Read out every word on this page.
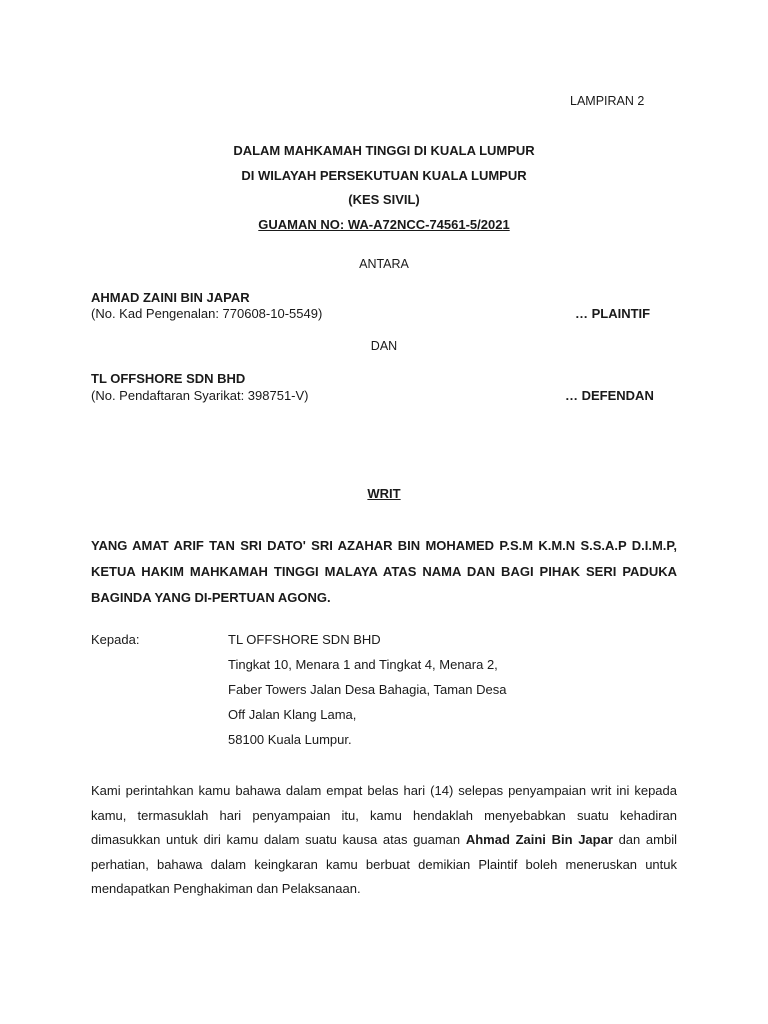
LAMPIRAN 2
DALAM MAHKAMAH TINGGI DI KUALA LUMPUR
DI WILAYAH PERSEKUTUAN KUALA LUMPUR
(KES SIVIL)
GUAMAN NO: WA-A72NCC-74561-5/2021
ANTARA
AHMAD ZAINI BIN JAPAR
(No. Kad Pengenalan: 770608-10-5549)	… PLAINTIF
DAN
TL OFFSHORE SDN BHD
(No. Pendaftaran Syarikat: 398751-V)	… DEFENDAN
WRIT
YANG AMAT ARIF TAN SRI DATO' SRI AZAHAR BIN MOHAMED P.S.M K.M.N S.S.A.P D.I.M.P, KETUA HAKIM MAHKAMAH TINGGI MALAYA ATAS NAMA DAN BAGI PIHAK SERI PADUKA BAGINDA YANG DI-PERTUAN AGONG.
Kepada:	TL OFFSHORE SDN BHD
Tingkat 10, Menara 1 and Tingkat 4, Menara 2,
Faber Towers Jalan Desa Bahagia, Taman Desa
Off Jalan Klang Lama,
58100 Kuala Lumpur.
Kami perintahkan kamu bahawa dalam empat belas hari (14) selepas penyampaian writ ini kepada kamu, termasuklah hari penyampaian itu, kamu hendaklah menyebabkan suatu kehadiran dimasukkan untuk diri kamu dalam suatu kausa atas guaman Ahmad Zaini Bin Japar dan ambil perhatian, bahawa dalam keingkaran kamu berbuat demikian Plaintif boleh meneruskan untuk mendapatkan Penghakiman dan Pelaksanaan.
